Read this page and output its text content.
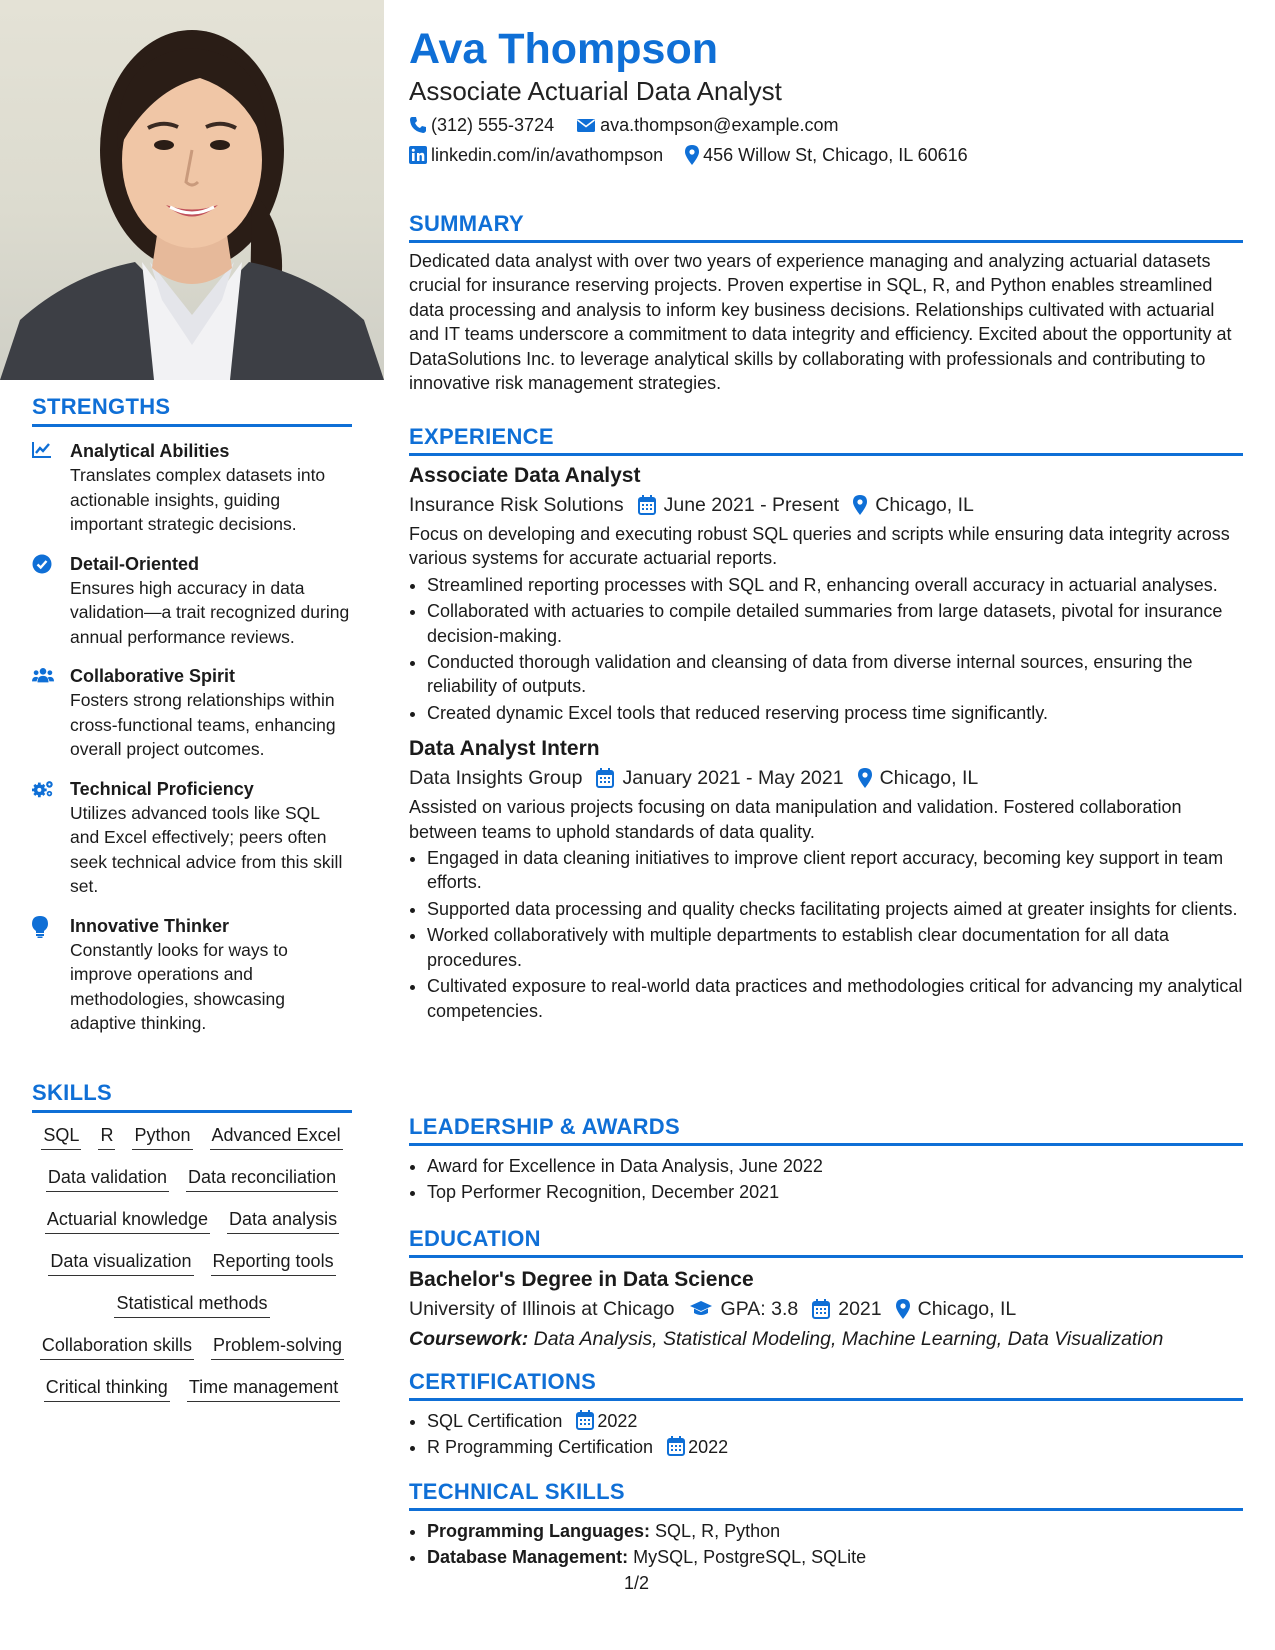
STRENGTHS
Analytical Abilities
Translates complex datasets into actionable insights, guiding important strategic decisions.
Detail-Oriented
Ensures high accuracy in data validation—a trait recognized during annual performance reviews.
Collaborative Spirit
Fosters strong relationships within cross-functional teams, enhancing overall project outcomes.
Technical Proficiency
Utilizes advanced tools like SQL and Excel effectively; peers often seek technical advice from this skill set.
Innovative Thinker
Constantly looks for ways to improve operations and methodologies, showcasing adaptive thinking.
SKILLS
SQL R Python Advanced Excel
Data validation Data reconciliation
Actuarial knowledge Data analysis
Data visualization Reporting tools
Statistical methods
Collaboration skills Problem-solving
Critical thinking Time management
Ava Thompson
Associate Actuarial Data Analyst
(312) 555-3724	ava.thompson@example.com
linkedin.com/in/avathompson 456 Willow St, Chicago, IL 60616
SUMMARY
Dedicated data analyst with over two years of experience managing and analyzing actuarial datasets crucial for insurance reserving projects. Proven expertise in SQL, R, and Python enables streamlined data processing and analysis to inform key business decisions. Relationships cultivated with actuarial and IT teams underscore a commitment to data integrity and efficiency. Excited about the opportunity at DataSolutions Inc. to leverage analytical skills by collaborating with professionals and contributing to innovative risk management strategies.
EXPERIENCE
Associate Data Analyst
Insurance Risk Solutions June 2021 - Present Chicago, IL
Focus on developing and executing robust SQL queries and scripts while ensuring data integrity across various systems for accurate actuarial reports.
• Streamlined reporting processes with SQL and R, enhancing overall accuracy in actuarial analyses.
• Collaborated with actuaries to compile detailed summaries from large datasets, pivotal for insurance decision-making.
• Conducted thorough validation and cleansing of data from diverse internal sources, ensuring the reliability of outputs.
• Created dynamic Excel tools that reduced reserving process time significantly.
Data Analyst Intern
Data Insights Group January 2021 - May 2021 Chicago, IL
Assisted on various projects focusing on data manipulation and validation. Fostered collaboration between teams to uphold standards of data quality.
• Engaged in data cleaning initiatives to improve client report accuracy, becoming key support in team efforts.
• Supported data processing and quality checks facilitating projects aimed at greater insights for clients.
• Worked collaboratively with multiple departments to establish clear documentation for all data procedures.
• Cultivated exposure to real-world data practices and methodologies critical for advancing my analytical competencies.
LEADERSHIP & AWARDS
• Award for Excellence in Data Analysis, June 2022
• Top Performer Recognition, December 2021
EDUCATION
Bachelor's Degree in Data Science
University of Illinois at Chicago GPA: 3.8 2021 Chicago, IL
Coursework: Data Analysis, Statistical Modeling, Machine Learning, Data Visualization
CERTIFICATIONS
• SQL Certification 2022
• R Programming Certification 2022
TECHNICAL SKILLS
• Programming Languages: SQL, R, Python
• Database Management: MySQL, PostgreSQL, SQLite
1/2
